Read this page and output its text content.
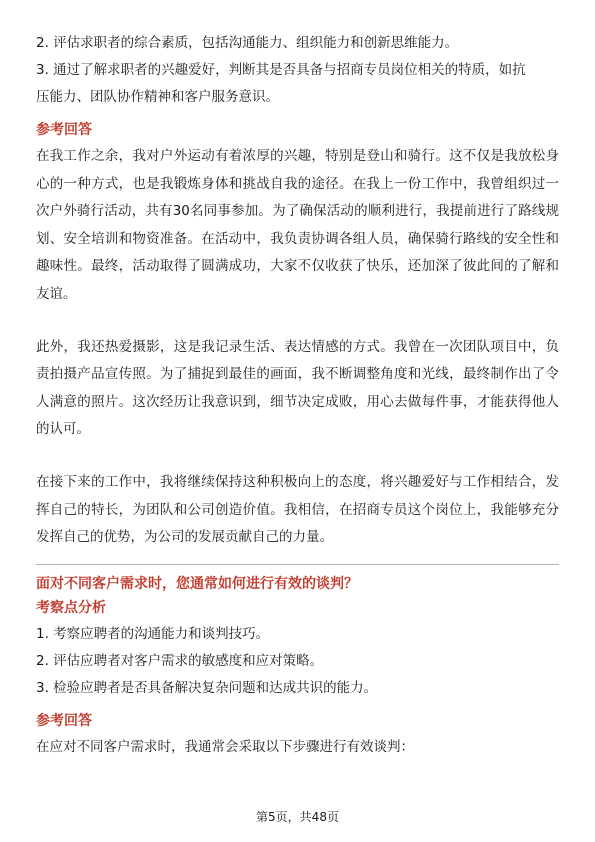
2. 评估求职者的综合素质，包括沟通能力、组织能力和创新思维能力。
3. 通过了解求职者的兴趣爱好，判断其是否具备与招商专员岗位相关的特质，如抗
压能力、团队协作精神和客户服务意识。
参考回答
在我工作之余，我对户外运动有着浓厚的兴趣，特别是登山和骑行。这不仅是我放松身心的一种方式，也是我锻炼身体和挑战自我的途径。在我上一份工作中，我曾组织过一次户外骑行活动，共有30名同事参加。为了确保活动的顺利进行，我提前进行了路线规划、安全培训和物资准备。在活动中，我负责协调各组人员，确保骑行路线的安全性和趣味性。最终，活动取得了圆满成功，大家不仅收获了快乐，还加深了彼此间的了解和友谊。
此外，我还热爱摄影，这是我记录生活、表达情感的方式。我曾在一次团队项目中，负责拍摄产品宣传照。为了捕捉到最佳的画面，我不断调整角度和光线，最终制作出了令人满意的照片。这次经历让我意识到，细节决定成败，用心去做每件事，才能获得他人的认可。
在接下来的工作中，我将继续保持这种积极向上的态度，将兴趣爱好与工作相结合，发挥自己的特长，为团队和公司创造价值。我相信，在招商专员这个岗位上，我能够充分发挥自己的优势，为公司的发展贡献自己的力量。
面对不同客户需求时，您通常如何进行有效的谈判？
考察点分析
1. 考察应聘者的沟通能力和谈判技巧。
2. 评估应聘者对客户需求的敏感度和应对策略。
3. 检验应聘者是否具备解决复杂问题和达成共识的能力。
参考回答
在应对不同客户需求时，我通常会采取以下步骤进行有效谈判：
第5页，共48页
